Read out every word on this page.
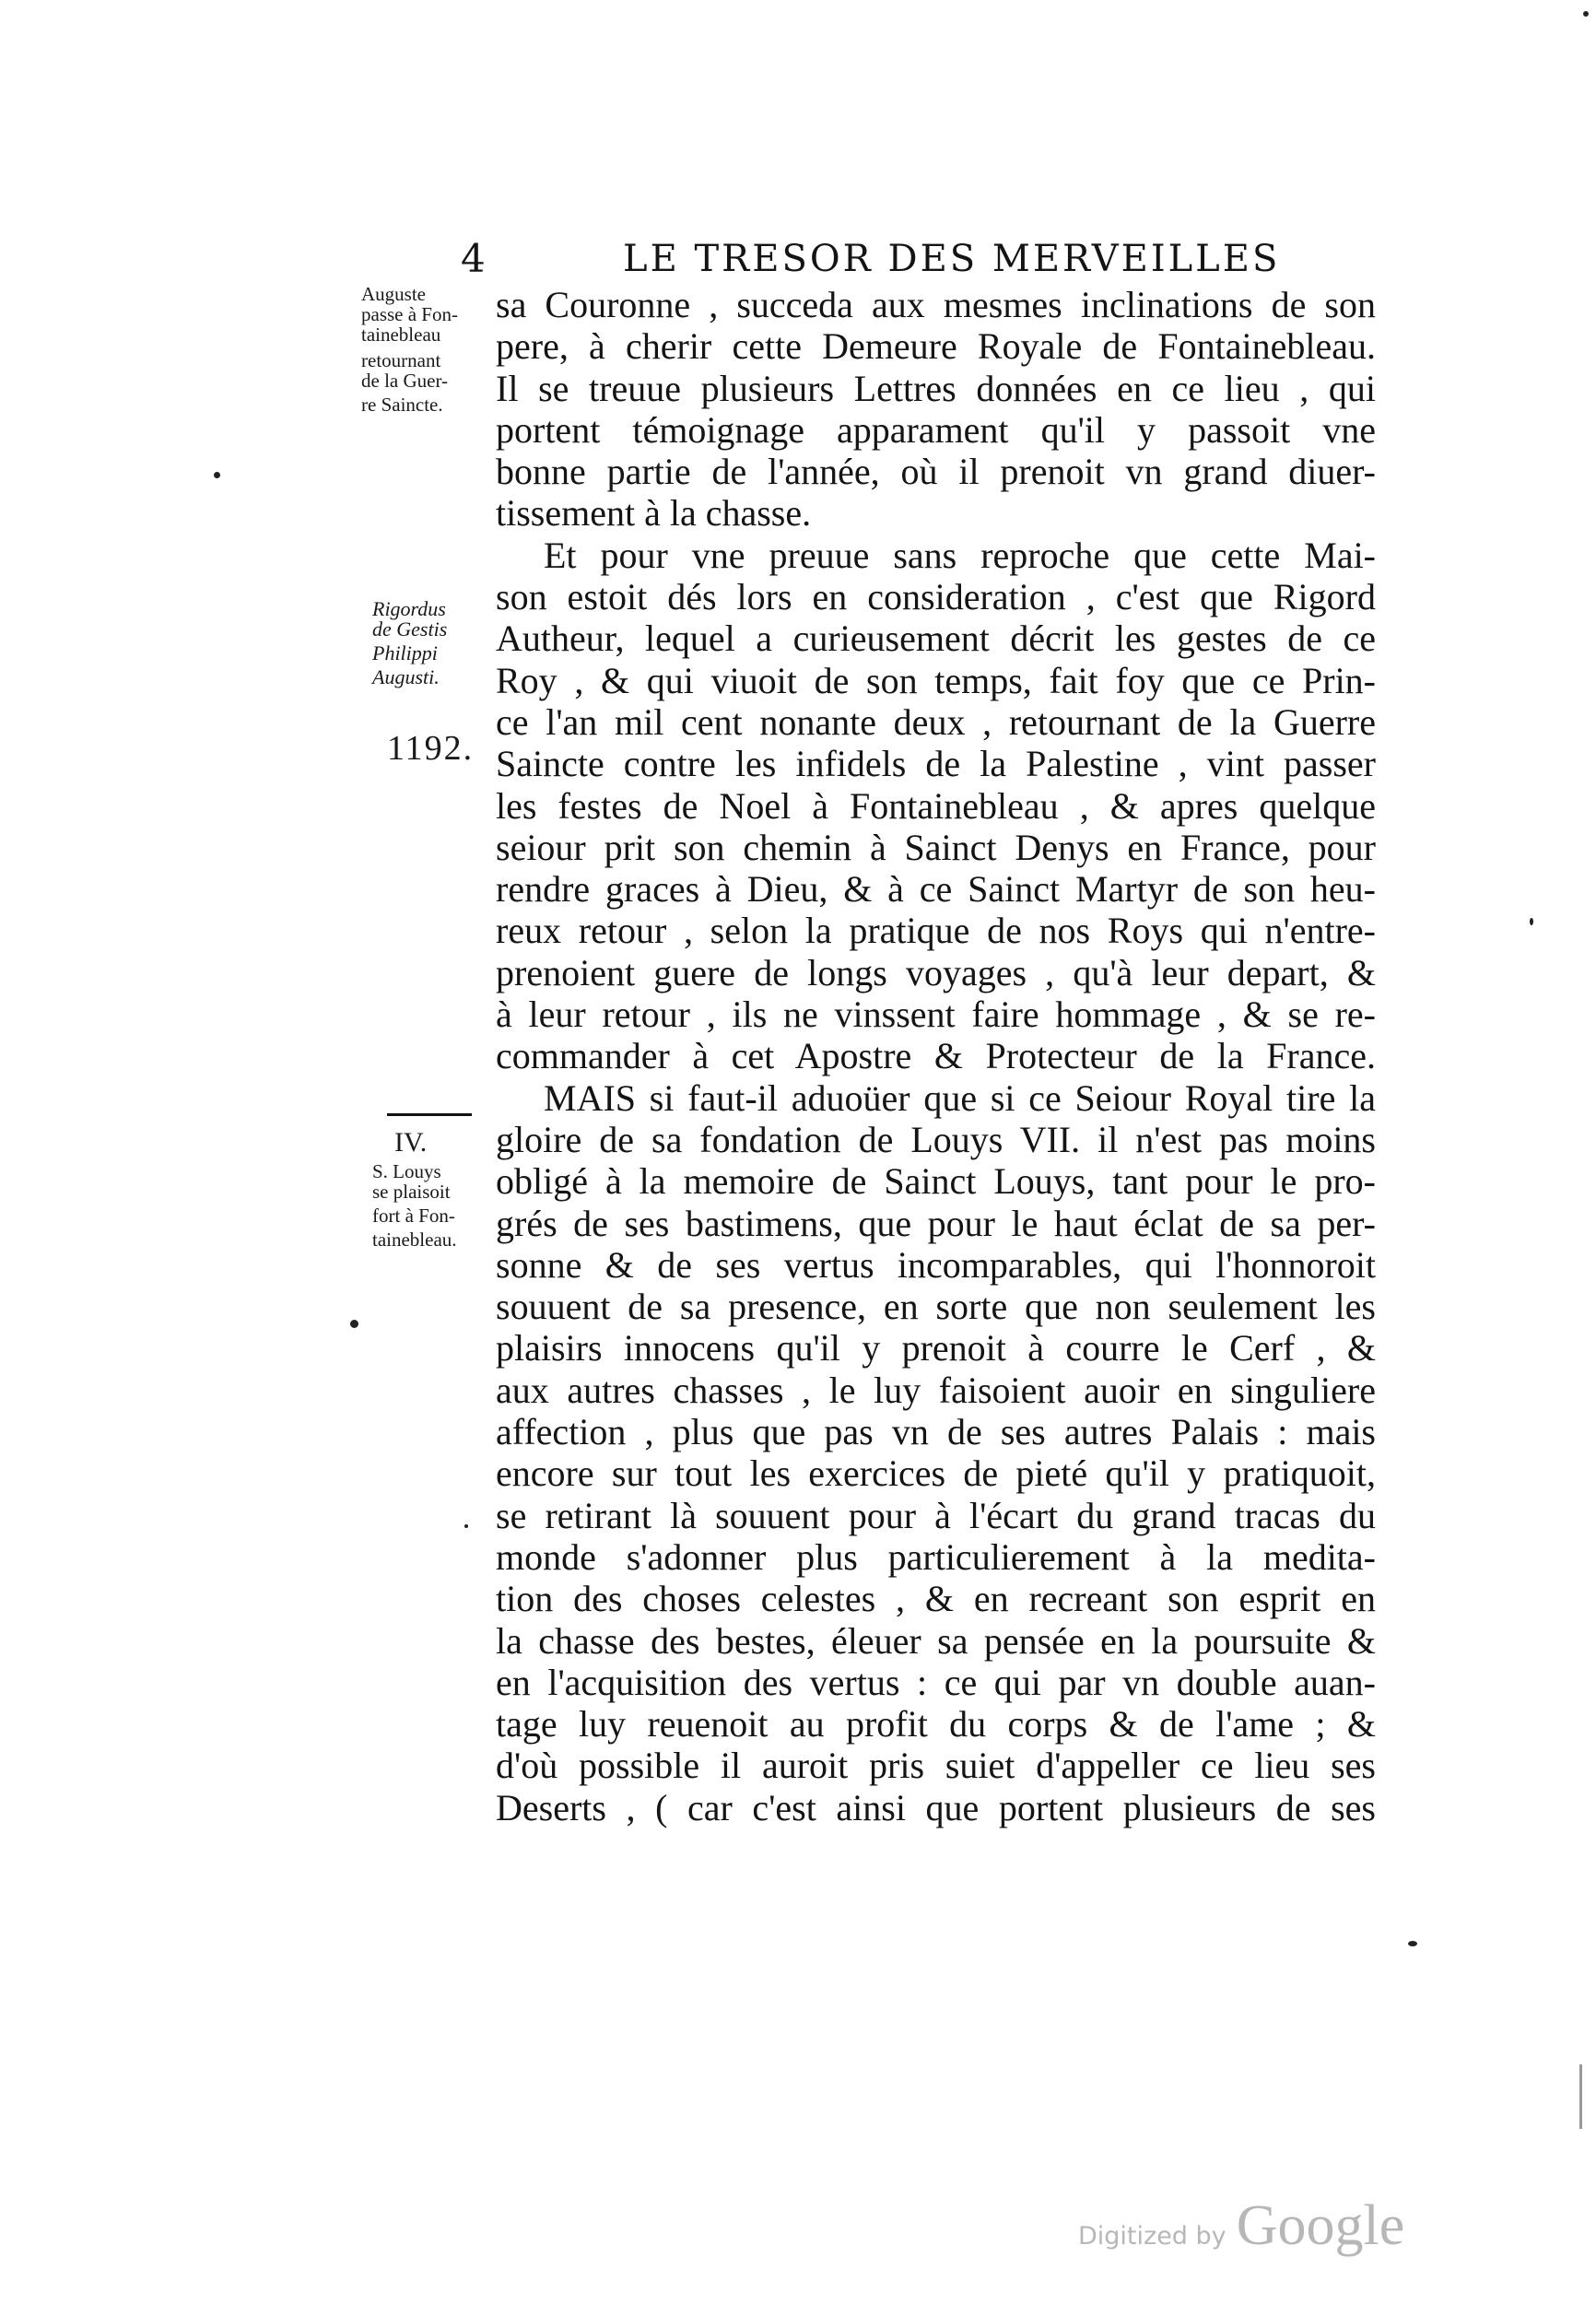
4	LE TRESOR DES MERVEILLES
Auguste
passe à Fon-
tainebleau
retournant
de la Guer-
re Saincte.
Rigordus
de Gestis
Philippi
Augusti.
1192.
IV.
S. Louys
se plaisoit
fort à Fon-
tainebleau.
sa Couronne , succeda aux mesmes inclinations de son
pere, à cherir cette Demeure Royale de Fontainebleau.
Il se treuue plusieurs Lettres données en ce lieu , qui
portent témoignage apparament qu'il y passoit vne
bonne partie de l'année, où il prenoit vn grand diuer-
tissement à la chasse.
Et pour vne preuue sans reproche que cette Mai-
son estoit dés lors en consideration , c'est que Rigord
Autheur, lequel a curieusement décrit les gestes de ce
Roy , & qui viuoit de son temps, fait foy que ce Prin-
ce l'an mil cent nonante deux , retournant de la Guerre
Saincte contre les infidels de la Palestine , vint passer
les festes de Noel à Fontainebleau , & apres quelque
seiour prit son chemin à Sainct Denys en France, pour
rendre graces à Dieu, & à ce Sainct Martyr de son heu-
reux retour , selon la pratique de nos Roys qui n'entre-
prenoient guere de longs voyages , qu'à leur depart, &
à leur retour , ils ne vinssent faire hommage , & se re-
commander à cet Apostre & Protecteur de la France.
MAIS si faut-il aduoüer que si ce Seiour Royal tire la
gloire de sa fondation de Louys VII. il n'est pas moins
obligé à la memoire de Sainct Louys, tant pour le pro-
grés de ses bastimens, que pour le haut éclat de sa per-
sonne & de ses vertus incomparables, qui l'honnoroit
souuent de sa presence, en sorte que non seulement les
plaisirs innocens qu'il y prenoit à courre le Cerf , &
aux autres chasses , le luy faisoient auoir en singuliere
affection , plus que pas vn de ses autres Palais : mais
encore sur tout les exercices de pieté qu'il y pratiquoit,
se retirant là souuent pour à l'écart du grand tracas du
monde s'adonner plus particulierement à la medita-
tion des choses celestes , & en recreant son esprit en
la chasse des bestes, éleuer sa pensée en la poursuite &
en l'acquisition des vertus : ce qui par vn double auan-
tage luy reuenoit au profit du corps & de l'ame ; &
d'où possible il auroit pris suiet d'appeller ce lieu ses
Deserts , ( car c'est ainsi que portent plusieurs de ses
Digitized by Google
